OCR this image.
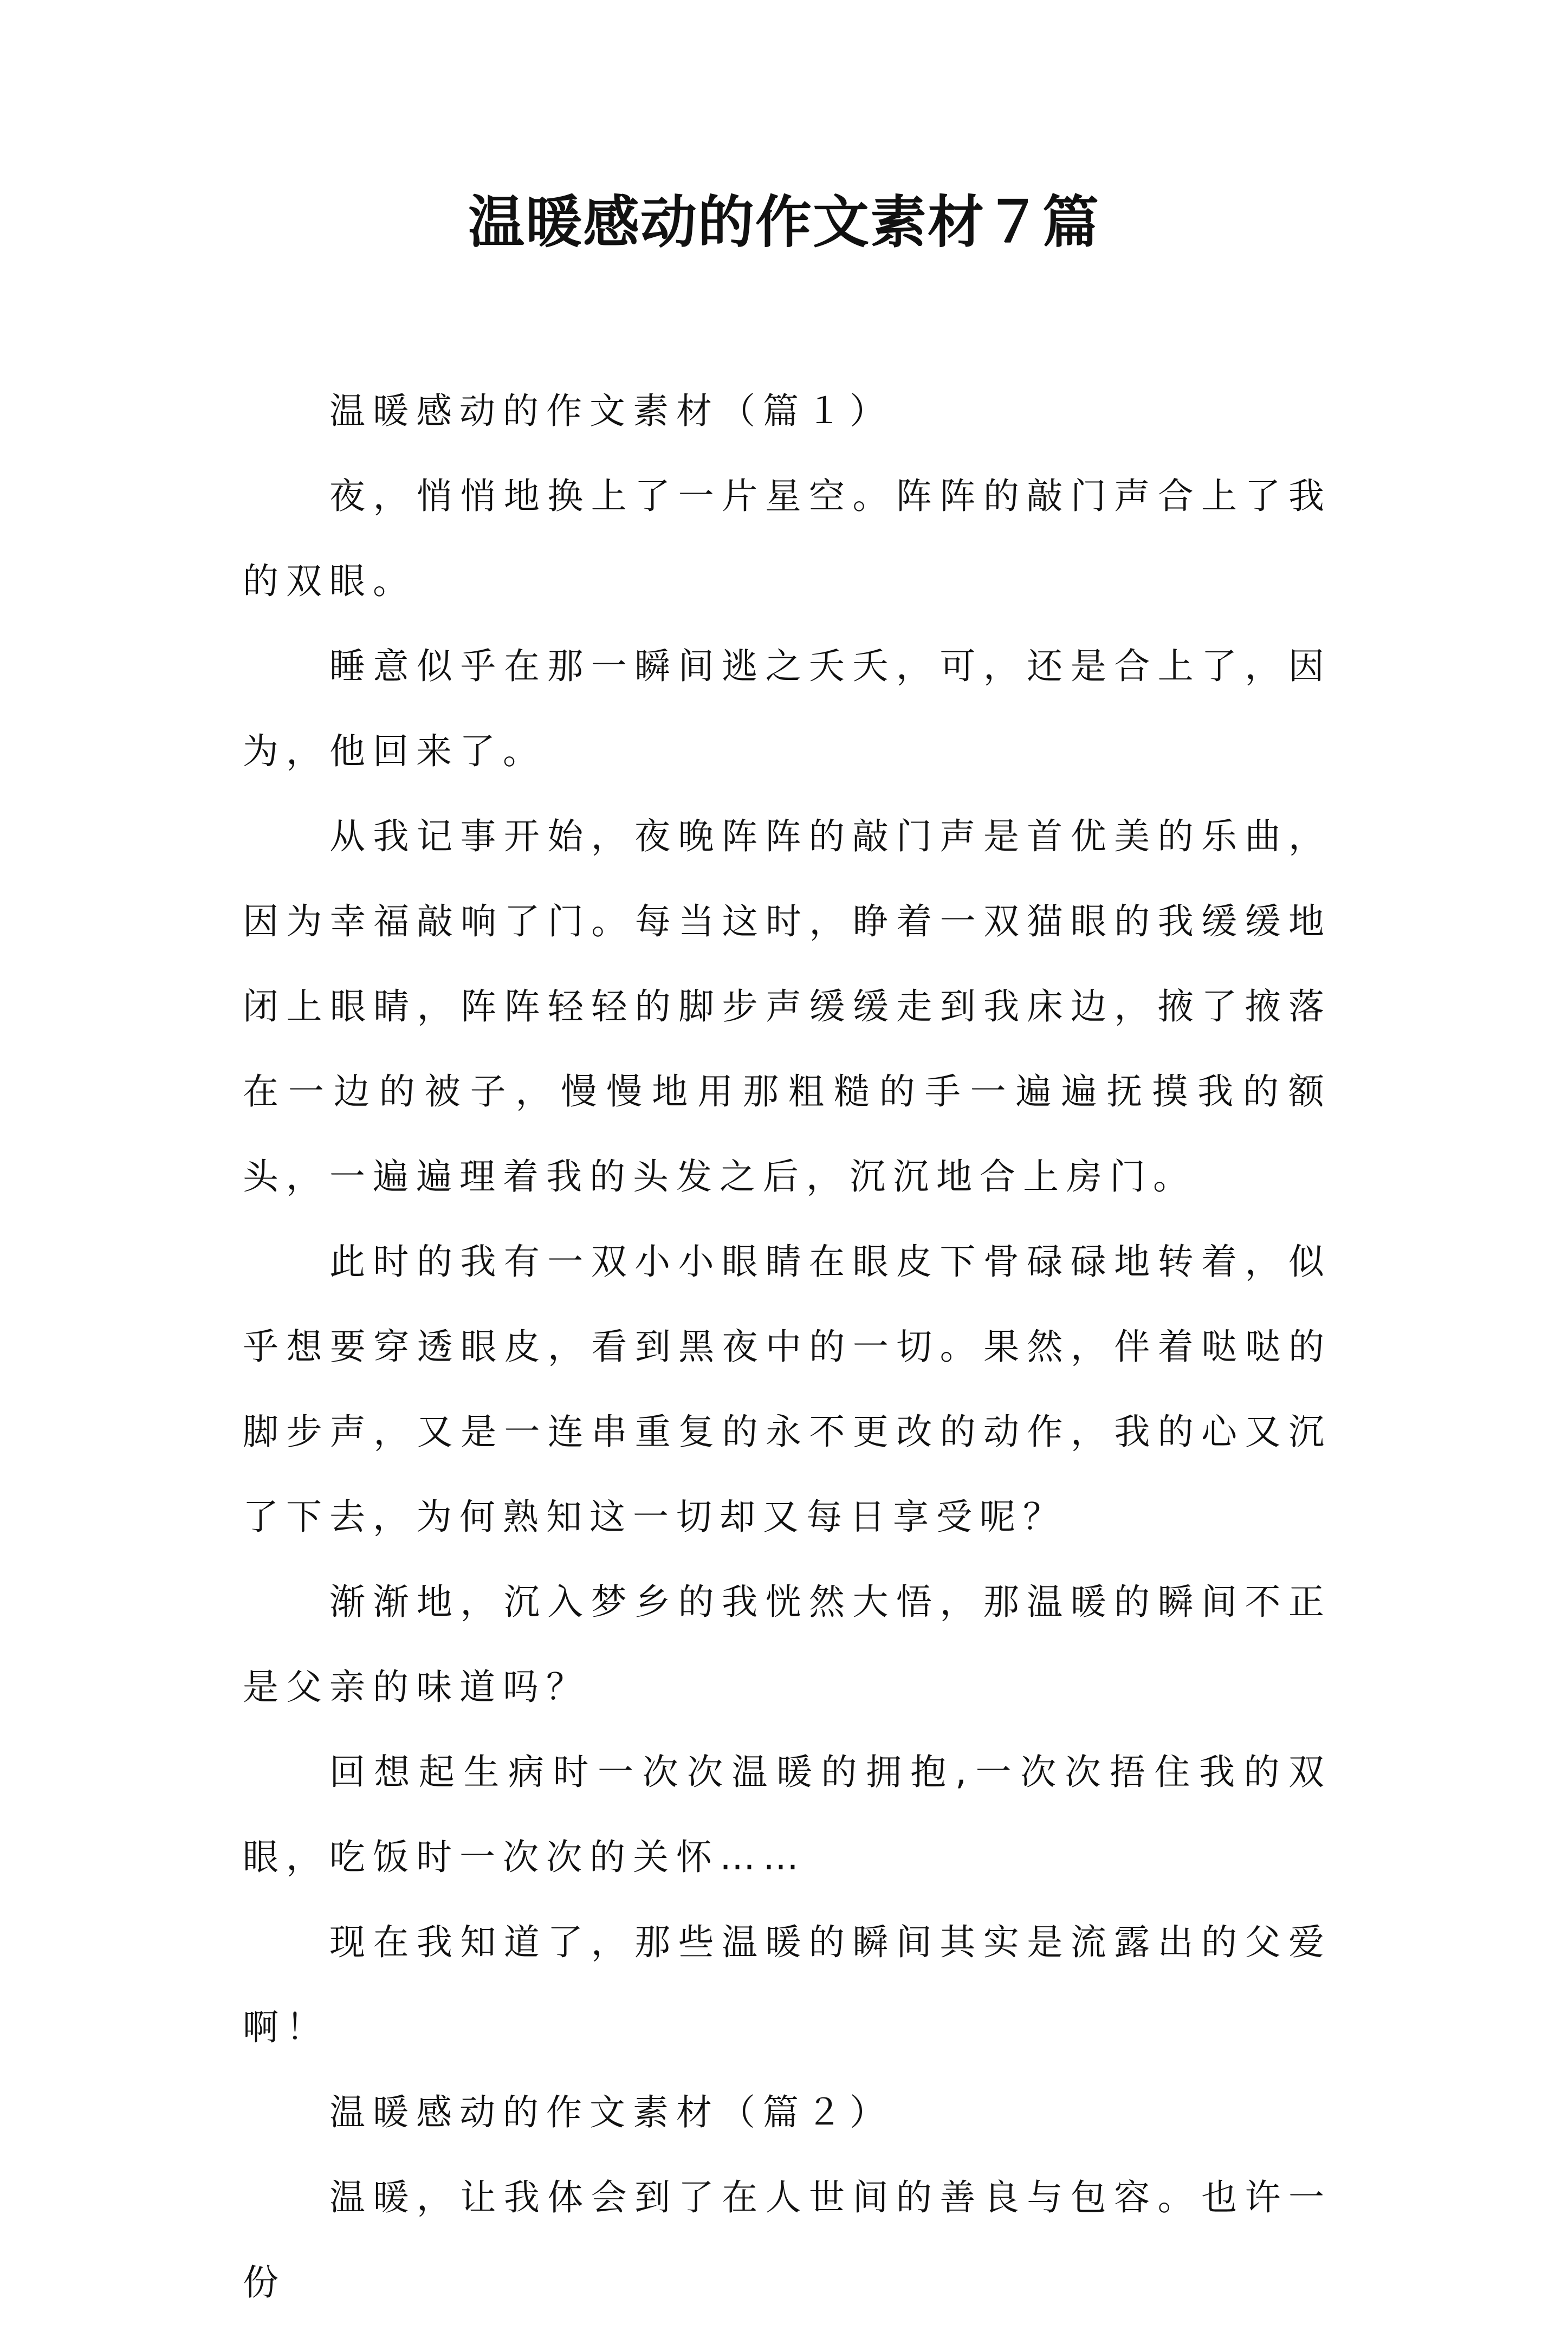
温暖感动的作文素材７篇

温暖感动的作文素材（篇１）

夜，悄悄地换上了一片星空。阵阵的敲门声合上了我的双眼。

睡意似乎在那一瞬间逃之夭夭，可，还是合上了，因为，他回来了。

从我记事开始，夜晚阵阵的敲门声是首优美的乐曲，因为幸福敲响了门。每当这时，睁着一双猫眼的我缓缓地闭上眼睛，阵阵轻轻的脚步声缓缓走到我床边，掖了掖落在一边的被子，慢慢地用那粗糙的手一遍遍抚摸我的额头，一遍遍理着我的头发之后，沉沉地合上房门。

此时的我有一双小小眼睛在眼皮下骨碌碌地转着，似乎想要穿透眼皮，看到黑夜中的一切。果然，伴着哒哒的脚步声，又是一连串重复的永不更改的动作，我的心又沉了下去，为何熟知这一切却又每日享受呢？

渐渐地，沉入梦乡的我恍然大悟，那温暖的瞬间不正是父亲的味道吗？

回想起生病时一次次温暖的拥抱,一次次捂住我的双眼，吃饭时一次次的关怀……

现在我知道了，那些温暖的瞬间其实是流露出的父爱啊！

温暖感动的作文素材（篇２）

温暖，让我体会到了在人世间的善良与包容。也许一份
